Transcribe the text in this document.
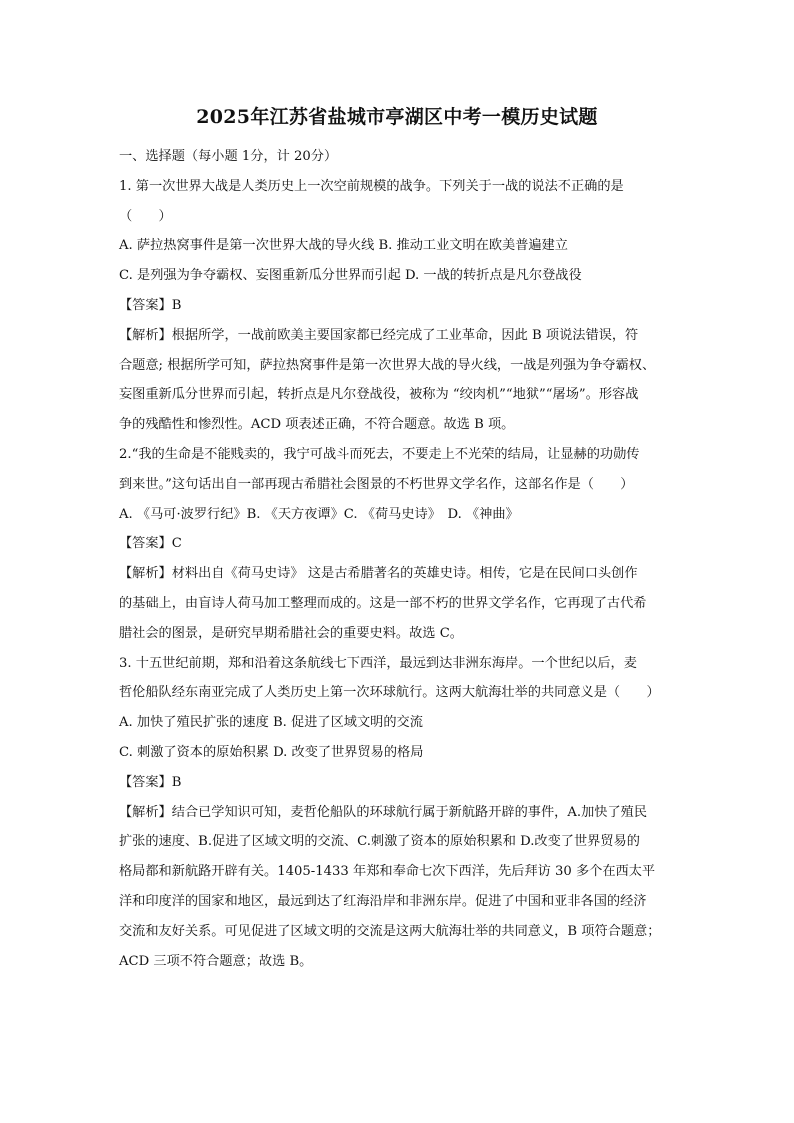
2025年江苏省盐城市亭湖区中考一模历史试题
一、选择题（每小题 1分，计 20分）
1. 第一次世界大战是人类历史上一次空前规模的战争。下列关于一战的说法不正确的是
（　　）
A. 萨拉热窝事件是第一次世界大战的导火线 B. 推动工业文明在欧美普遍建立
C. 是列强为争夺霸权、妄图重新瓜分世界而引起 D. 一战的转折点是凡尔登战役
【答案】B
【解析】根据所学，一战前欧美主要国家都已经完成了工业革命，因此 B 项说法错误，符
合题意; 根据所学可知，萨拉热窝事件是第一次世界大战的导火线，一战是列强为争夺霸权、
妄图重新瓜分世界而引起，转折点是凡尔登战役，被称为 “绞肉机”“地狱”“屠场”。形容战
争的残酷性和惨烈性。ACD 项表述正确，不符合题意。故选 B 项。
2.“我的生命是不能贱卖的，我宁可战斗而死去，不要走上不光荣的结局，让显赫的功勋传
到来世。”这句话出自一部再现古希腊社会图景的不朽世界文学名作，这部名作是（　　）
A. 《马可·波罗行纪》B. 《天方夜谭》C. 《荷马史诗》　D. 《神曲》
【答案】C
【解析】材料出自《荷马史诗》 这是古希腊著名的英雄史诗。相传，它是在民间口头创作
的基础上，由盲诗人荷马加工整理而成的。这是一部不朽的世界文学名作，它再现了古代希
腊社会的图景，是研究早期希腊社会的重要史料。故选 C。
3. 十五世纪前期，郑和沿着这条航线七下西洋，最远到达非洲东海岸。一个世纪以后，麦
哲伦船队经东南亚完成了人类历史上第一次环球航行。这两大航海壮举的共同意义是（　　）
A. 加快了殖民扩张的速度 B. 促进了区域文明的交流
C. 刺激了资本的原始积累 D. 改变了世界贸易的格局
【答案】B
【解析】结合已学知识可知，麦哲伦船队的环球航行属于新航路开辟的事件，A.加快了殖民
扩张的速度、B.促进了区域文明的交流、C.刺激了资本的原始积累和 D.改变了世界贸易的
格局都和新航路开辟有关。1405-1433 年郑和奉命七次下西洋，先后拜访 30 多个在西太平
洋和印度洋的国家和地区，最远到达了红海沿岸和非洲东岸。促进了中国和亚非各国的经济
交流和友好关系。可见促进了区域文明的交流是这两大航海壮举的共同意义，B 项符合题意；
ACD 三项不符合题意；故选 B。
